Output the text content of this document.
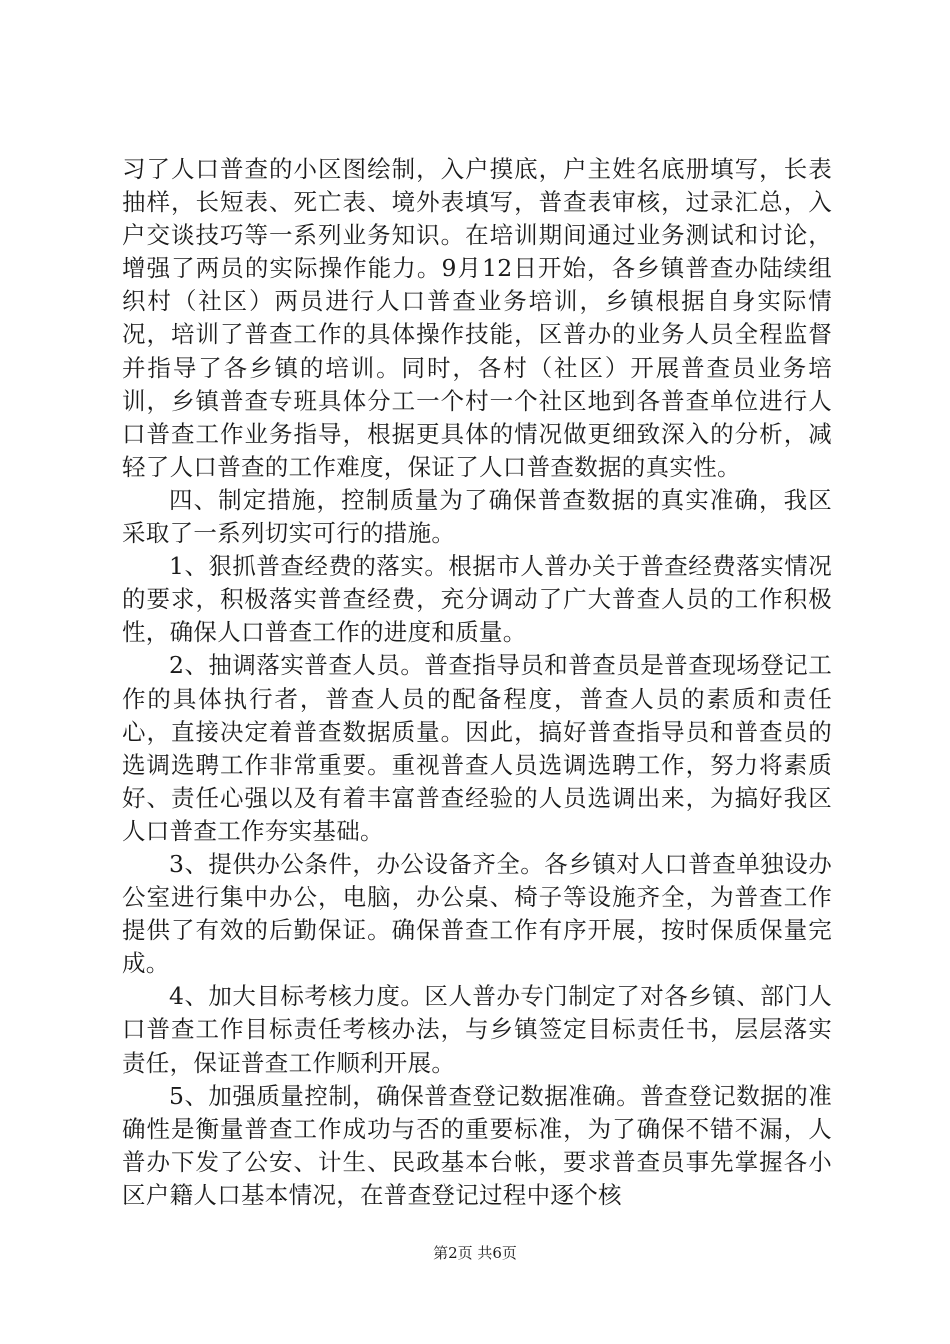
习了人口普查的小区图绘制，入户摸底，户主姓名底册填写，长表抽样，长短表、死亡表、境外表填写，普查表审核，过录汇总，入户交谈技巧等一系列业务知识。在培训期间通过业务测试和讨论，增强了两员的实际操作能力。9月12日开始，各乡镇普查办陆续组织村（社区）两员进行人口普查业务培训，乡镇根据自身实际情况，培训了普查工作的具体操作技能，区普办的业务人员全程监督并指导了各乡镇的培训。同时，各村（社区）开展普查员业务培训，乡镇普查专班具体分工一个村一个社区地到各普查单位进行人口普查工作业务指导，根据更具体的情况做更细致深入的分析，减轻了人口普查的工作难度，保证了人口普查数据的真实性。

四、制定措施，控制质量为了确保普查数据的真实准确，我区采取了一系列切实可行的措施。

1、狠抓普查经费的落实。根据市人普办关于普查经费落实情况的要求，积极落实普查经费，充分调动了广大普查人员的工作积极性，确保人口普查工作的进度和质量。

2、抽调落实普查人员。普查指导员和普查员是普查现场登记工作的具体执行者，普查人员的配备程度，普查人员的素质和责任心，直接决定着普查数据质量。因此，搞好普查指导员和普查员的选调选聘工作非常重要。重视普查人员选调选聘工作，努力将素质好、责任心强以及有着丰富普查经验的人员选调出来，为搞好我区人口普查工作夯实基础。

3、提供办公条件，办公设备齐全。各乡镇对人口普查单独设办公室进行集中办公，电脑，办公桌、椅子等设施齐全，为普查工作提供了有效的后勤保证。确保普查工作有序开展，按时保质保量完成。

4、加大目标考核力度。区人普办专门制定了对各乡镇、部门人口普查工作目标责任考核办法，与乡镇签定目标责任书，层层落实责任，保证普查工作顺利开展。

5、加强质量控制，确保普查登记数据准确。普查登记数据的准确性是衡量普查工作成功与否的重要标准，为了确保不错不漏，人普办下发了公安、计生、民政基本台帐，要求普查员事先掌握各小区户籍人口基本情况，在普查登记过程中逐个核

第2页 共6页
